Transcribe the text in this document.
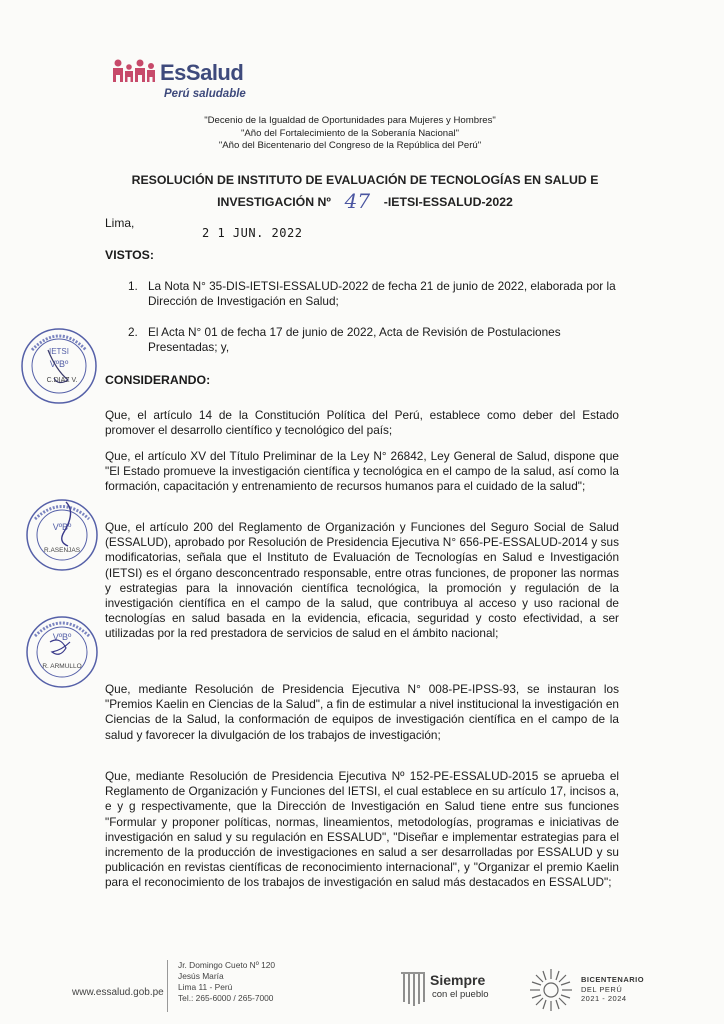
EsSalud
Perú saludable
"Decenio de la Igualdad de Oportunidades para Mujeres y Hombres"
"Año del Fortalecimiento de la Soberanía Nacional"
"Año del Bicentenario del Congreso de la República del Perú"
RESOLUCIÓN DE INSTITUTO DE EVALUACIÓN DE TECNOLOGÍAS EN SALUD E
INVESTIGACIÓN Nº 47 -IETSI-ESSALUD-2022
Lima,
2 1 JUN. 2022
VISTOS:
1. La Nota N° 35-DIS-IETSI-ESSALUD-2022 de fecha 21 de junio de 2022, elaborada por la Dirección de Investigación en Salud;
2. El Acta N° 01 de fecha 17 de junio de 2022, Acta de Revisión de Postulaciones Presentadas; y,
IETSI
VºBº
C.DIAZ V. CONSIDERANDO:
Que, el artículo 14 de la Constitución Política del Perú, establece como deber del Estado promover el desarrollo científico y tecnológico del país;
Que, el artículo XV del Título Preliminar de la Ley N° 26842, Ley General de Salud, dispone que "El Estado promueve la investigación científica y tecnológica en el campo de la salud, así como la formación, capacitación y entrenamiento de recursos humanos para el cuidado de la salud";
VºBº
R.ASENJAS
Que, el artículo 200 del Reglamento de Organización y Funciones del Seguro Social de Salud (ESSALUD), aprobado por Resolución de Presidencia Ejecutiva N° 656-PE-ESSALUD-2014 y sus modificatorias, señala que el Instituto de Evaluación de Tecnologías en Salud e Investigación (IETSI) es el órgano desconcentrado responsable, entre otras funciones, de proponer las normas y estrategias para la innovación científica tecnológica, la promoción y regulación de la investigación científica en el campo de la salud, que contribuya al acceso y uso racional de tecnologías en salud basada en la evidencia, eficacia, seguridad y costo efectividad, a ser utilizadas por la red prestadora de servicios de salud en el ámbito nacional;
VºBº
R. ARMULLO
Que, mediante Resolución de Presidencia Ejecutiva N° 008-PE-IPSS-93, se instauran los "Premios Kaelin en Ciencias de la Salud", a fin de estimular a nivel institucional la investigación en Ciencias de la Salud, la conformación de equipos de investigación científica en el campo de la salud y favorecer la divulgación de los trabajos de investigación;
Que, mediante Resolución de Presidencia Ejecutiva Nº 152-PE-ESSALUD-2015 se aprueba el Reglamento de Organización y Funciones del IETSI, el cual establece en su artículo 17, incisos a, e y g respectivamente, que la Dirección de Investigación en Salud tiene entre sus funciones "Formular y proponer políticas, normas, lineamientos, metodologías, programas e iniciativas de investigación en salud y su regulación en ESSALUD", "Diseñar e implementar estrategias para el incremento de la producción de investigaciones en salud a ser desarrolladas por ESSALUD y su publicación en revistas científicas de reconocimiento internacional", y "Organizar el premio Kaelin para el reconocimiento de los trabajos de investigación en salud más destacados en ESSALUD";
www.essalud.gob.pe
Jr. Domingo Cueto Nº 120
Jesús María
Lima 11 - Perú
Tel.: 265-6000 / 265-7000
Siempre
con el pueblo
BICENTENARIO
DEL PERÚ
2021 - 2024
